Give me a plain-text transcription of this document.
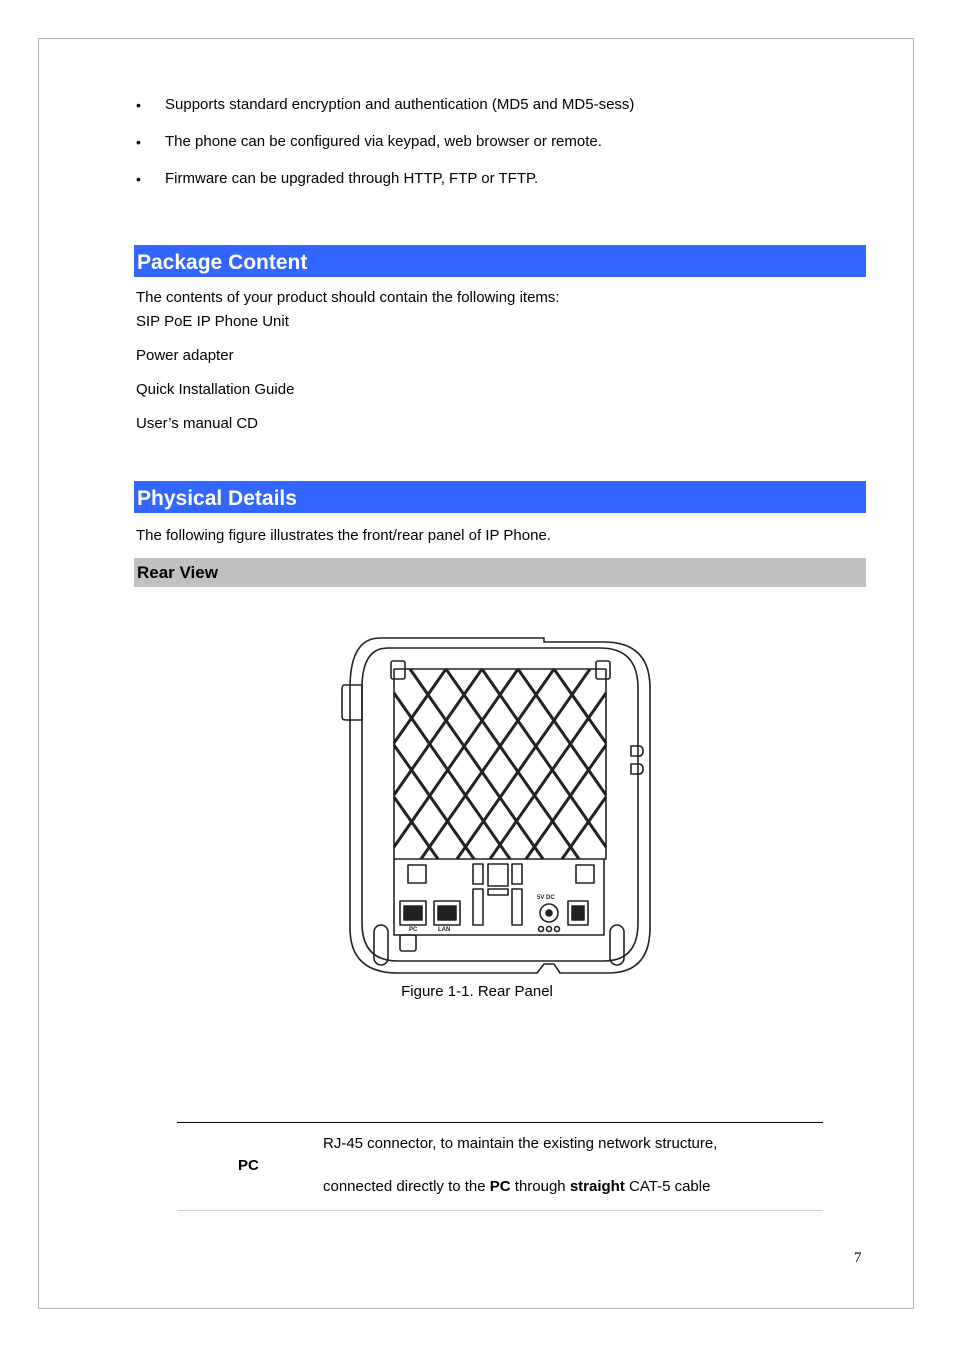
• Supports standard encryption and authentication (MD5 and MD5-sess)
• The phone can be configured via keypad, web browser or remote.
• Firmware can be upgraded through HTTP, FTP or TFTP.
Package Content
The contents of your product should contain the following items:
SIP PoE IP Phone Unit
Power adapter
Quick Installation Guide
User’s manual CD
Physical Details
The following figure illustrates the front/rear panel of IP Phone.
Rear View
PC	LAN
5V DC
Figure 1-1. Rear Panel
PC
RJ-45 connector, to maintain the existing network structure,
connected directly to the PC through straight CAT-5 cable
7
